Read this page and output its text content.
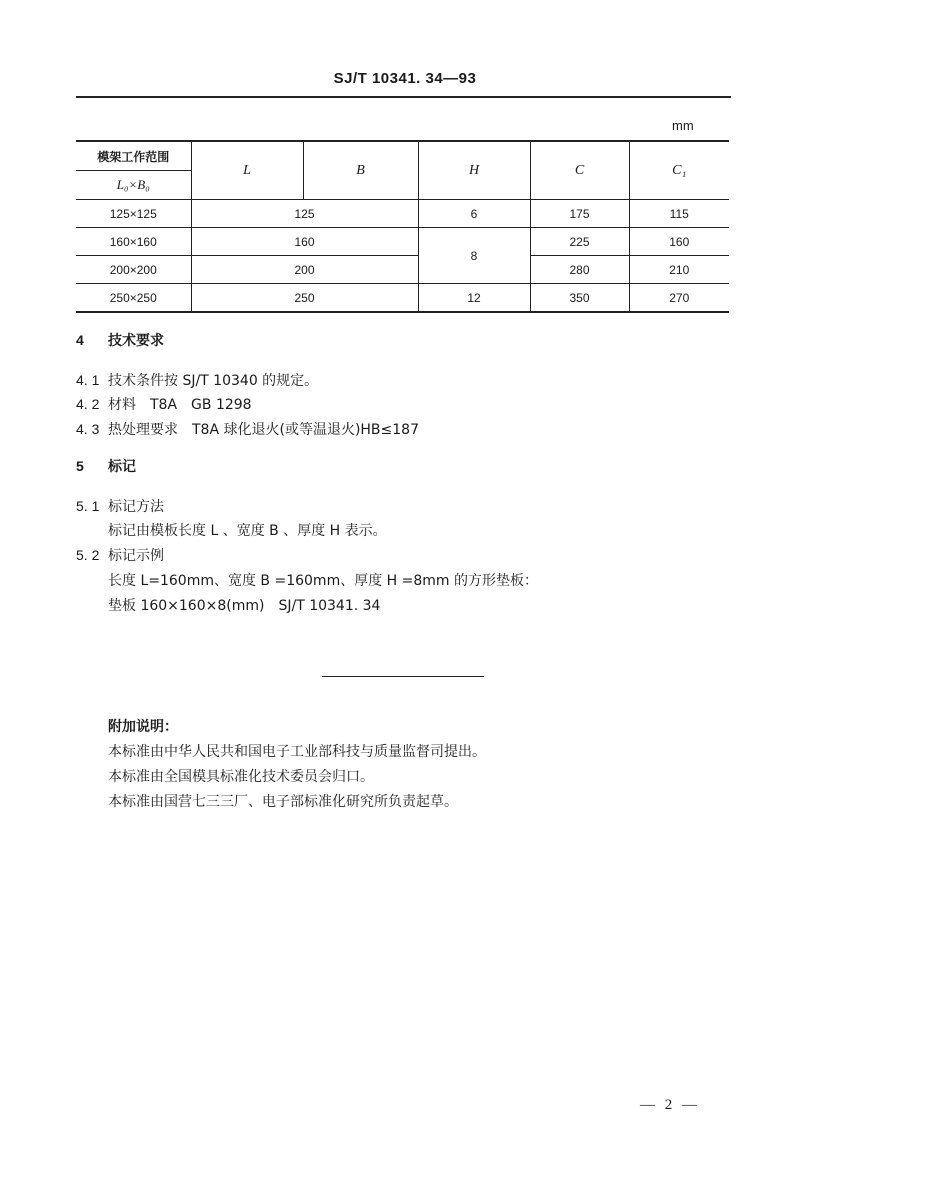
SJ/T 10341. 34—93
mm
模架工作范围	L	B	H	C	C₁
L₀×B₀					
125×125	125		6	175	115
160×160	160		8	225	160
200×200	200			280	210
250×250	250		12	350	270
4 技术要求
4. 1 技术条件按 SJ/T 10340 的规定。
4. 2 材料　T8A　GB 1298
4. 3 热处理要求　T8A 球化退火(或等温退火)HB≤187
5 标记
5. 1 标记方法
标记由模板长度 L 、宽度 B 、厚度 H 表示。
5. 2 标记示例
长度 L=160mm、宽度 B =160mm、厚度 H =8mm 的方形垫板：
垫板 160×160×8(mm)　SJ/T 10341. 34
附加说明：
本标准由中华人民共和国电子工业部科技与质量监督司提出。
本标准由全国模具标准化技术委员会归口。
本标准由国营七三三厂、电子部标准化研究所负责起草。
— 2 —
